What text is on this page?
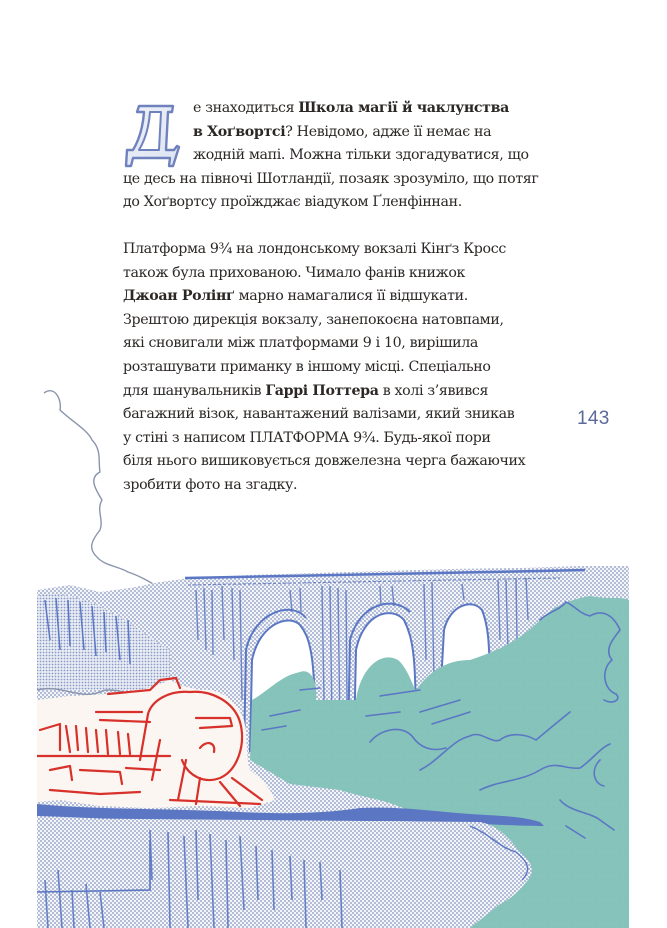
е знаходиться Школа магії й чаклунства
в Хоґвортсі? Невідомо, адже її немає на
жодній мапі. Можна тільки здогадуватися, що
це десь на півночі Шотландії, позаяк зрозуміло, що потяг
до Хоґвортсу проїжджає віадуком Ґленфіннан.
Платформа 9¾ на лондонському вокзалі Кінґз Кросс
також була прихованою. Чимало фанів книжок
Джоан Ролінґ марно намагалися її відшукати.
Зрештою дирекція вокзалу, занепокоєна натовпами,
які сновигали між платформами 9 і 10, вирішила
розташувати приманку в іншому місці. Спеціально
для шанувальників Гаррі Поттера в холі з’явився
багажний візок, навантажений валізами, який зникав
у стіні з написом ПЛАТФОРМА 9¾. Будь-якої пори
біля нього вишиковується довжелезна черга бажаючих
зробити фото на згадку.
143
